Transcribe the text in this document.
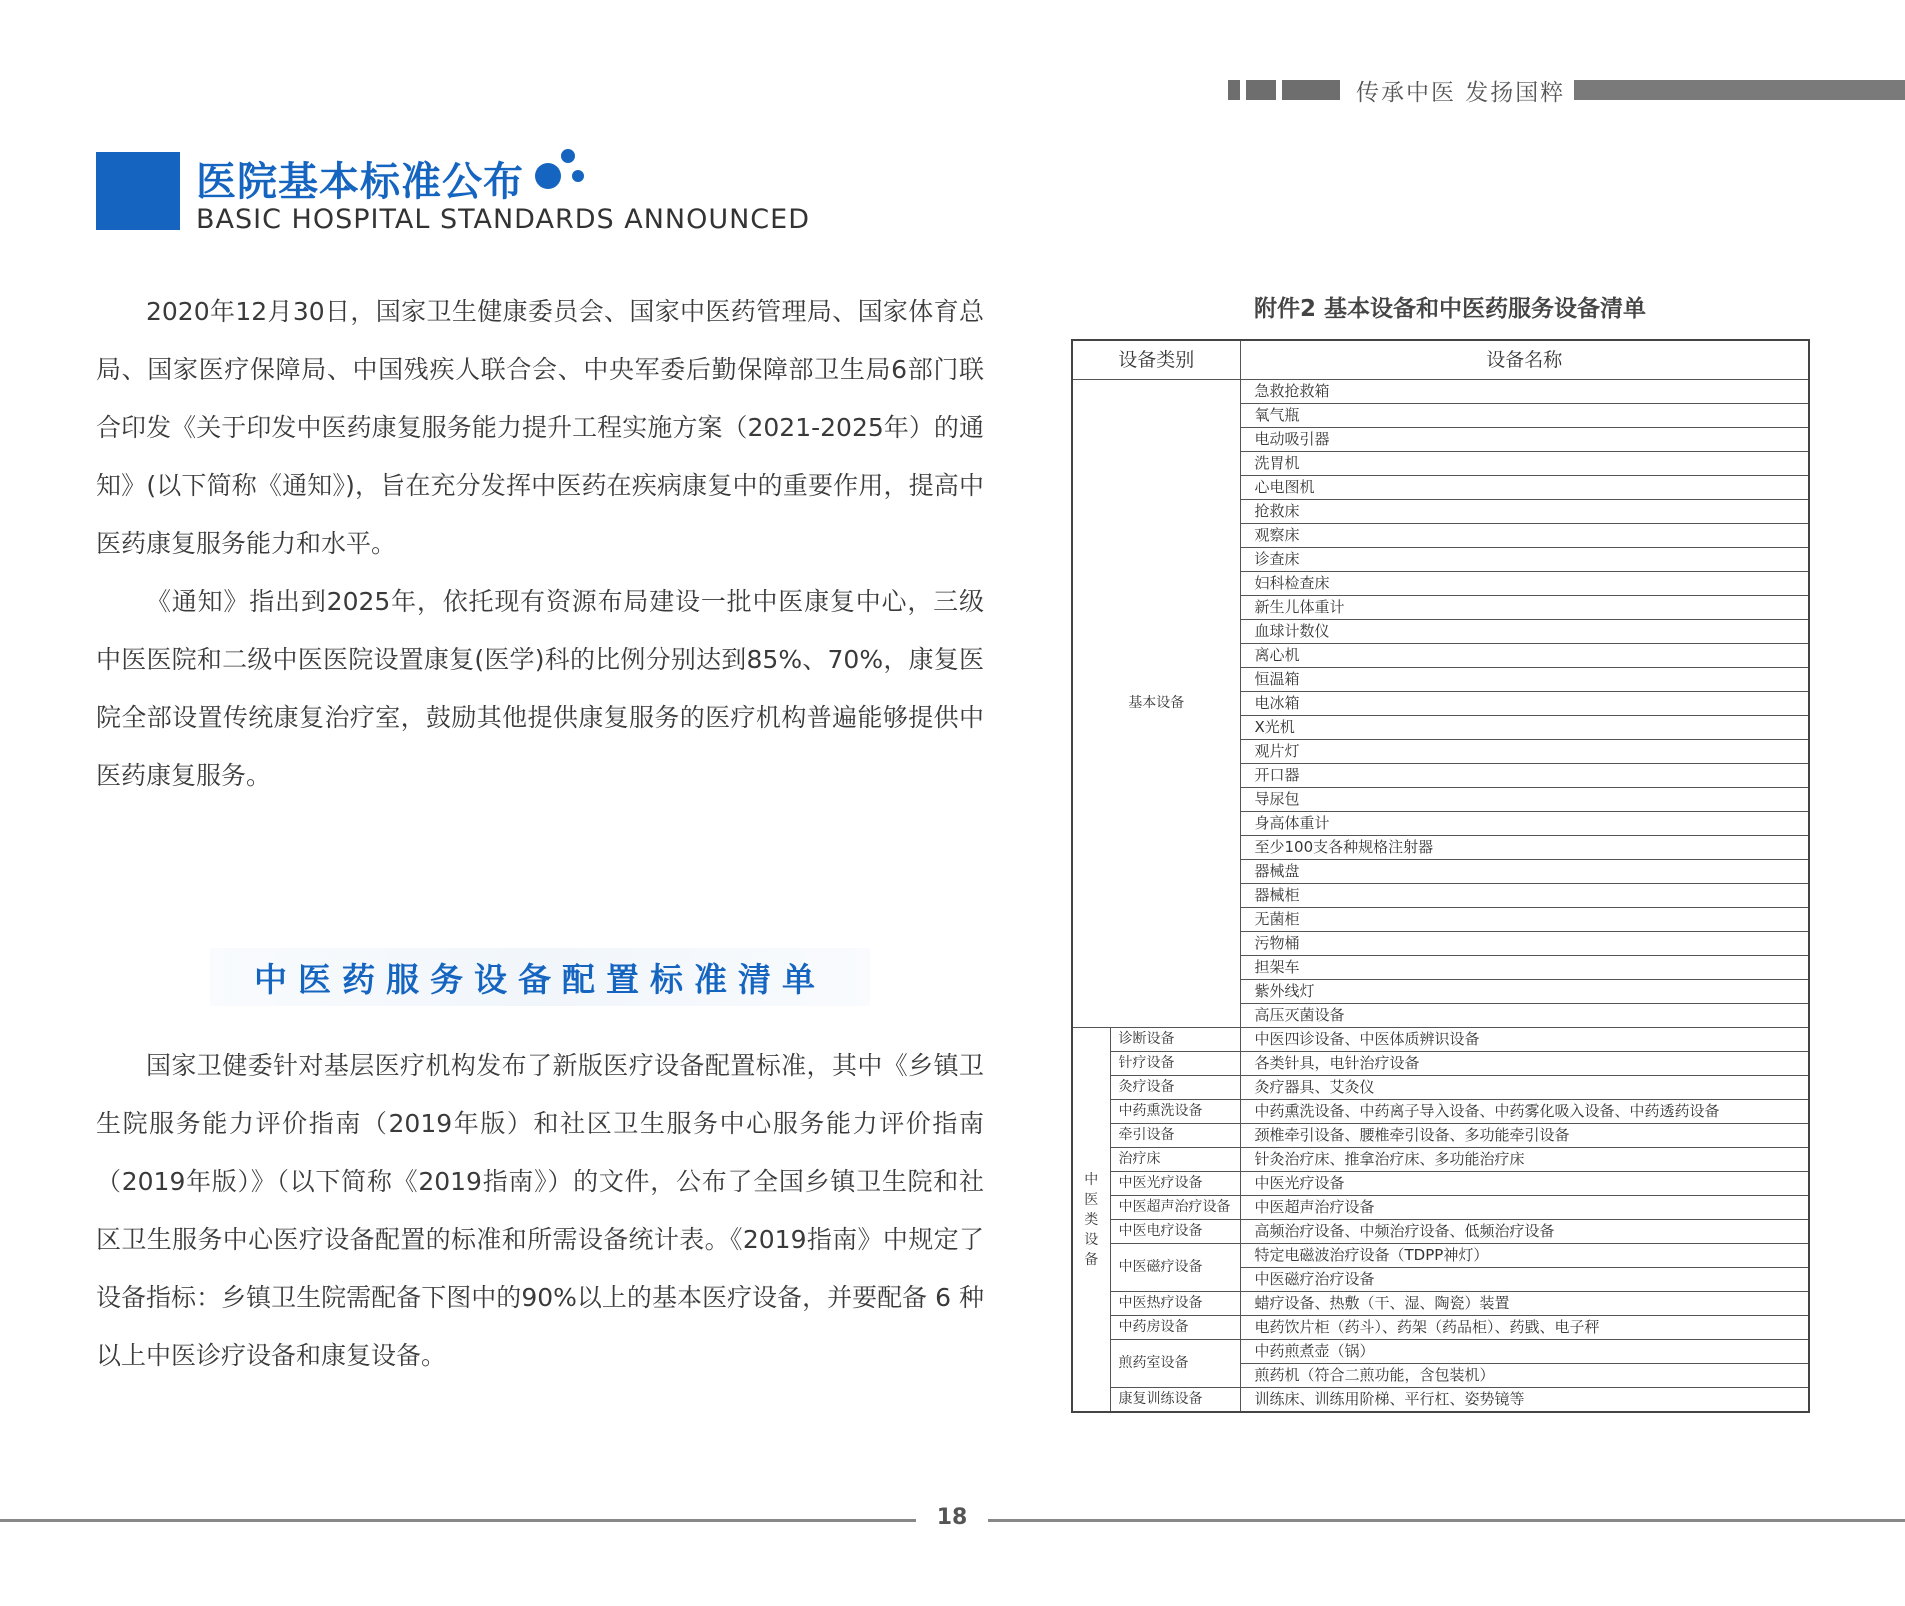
传承中医 发扬国粹
医院基本标准公布
BASIC HOSPITAL STANDARDS ANNOUNCED

2020年12月30日，国家卫生健康委员会、国家中医药管理局、国家体育总局、国家医疗保障局、中国残疾人联合会、中央军委后勤保障部卫生局6部门联合印发《关于印发中医药康复服务能力提升工程实施方案（2021-2025年）的通知》(以下简称《通知》)，旨在充分发挥中医药在疾病康复中的重要作用，提高中医药康复服务能力和水平。

《通知》指出到2025年，依托现有资源布局建设一批中医康复中心，三级中医医院和二级中医医院设置康复(医学)科的比例分别达到85%、70%，康复医院全部设置传统康复治疗室，鼓励其他提供康复服务的医疗机构普遍能够提供中医药康复服务。

中医药服务设备配置标准清单

国家卫健委针对基层医疗机构发布了新版医疗设备配置标准，其中《乡镇卫生院服务能力评价指南（2019年版）和社区卫生服务中心服务能力评价指南（2019年版）》（以下简称《2019指南》）的文件，公布了全国乡镇卫生院和社区卫生服务中心医疗设备配置的标准和所需设备统计表。《2019指南》中规定了设备指标：乡镇卫生院需配备下图中的90%以上的基本医疗设备，并要配备 6 种以上中医诊疗设备和康复设备。

附件2 基本设备和中医药服务设备清单
设备类别		设备名称
基本设备		急救抢救箱
		氧气瓶
		电动吸引器
		洗胃机
		心电图机
		抢救床
		观察床
		诊查床
		妇科检查床
		新生儿体重计
		血球计数仪
		离心机
		恒温箱
		电冰箱
		X光机
		观片灯
		开口器
		导尿包
		身高体重计
		至少100支各种规格注射器
		器械盘
		器械柜
		无菌柜
		污物桶
		担架车
		紫外线灯
		高压灭菌设备
中医类设备	诊断设备	中医四诊设备、中医体质辨识设备
	针疗设备	各类针具，电针治疗设备
	灸疗设备	灸疗器具、艾灸仪
	中药熏洗设备	中药熏洗设备、中药离子导入设备、中药雾化吸入设备、中药透药设备
	牵引设备	颈椎牵引设备、腰椎牵引设备、多功能牵引设备
	治疗床	针灸治疗床、推拿治疗床、多功能治疗床
	中医光疗设备	中医光疗设备
	中医超声治疗设备	中医超声治疗设备
	中医电疗设备	高频治疗设备、中频治疗设备、低频治疗设备
	中医磁疗设备	特定电磁波治疗设备（TDPP神灯）
		中医磁疗治疗设备
	中医热疗设备	蜡疗设备、热敷（干、湿、陶瓷）装置
	中药房设备	电药饮片柜（药斗）、药架（药品柜）、药戥、电子秤
	煎药室设备	中药煎煮壶（锅）
		煎药机（符合二煎功能，含包装机）
	康复训练设备	训练床、训练用阶梯、平行杠、姿势镜等
18
